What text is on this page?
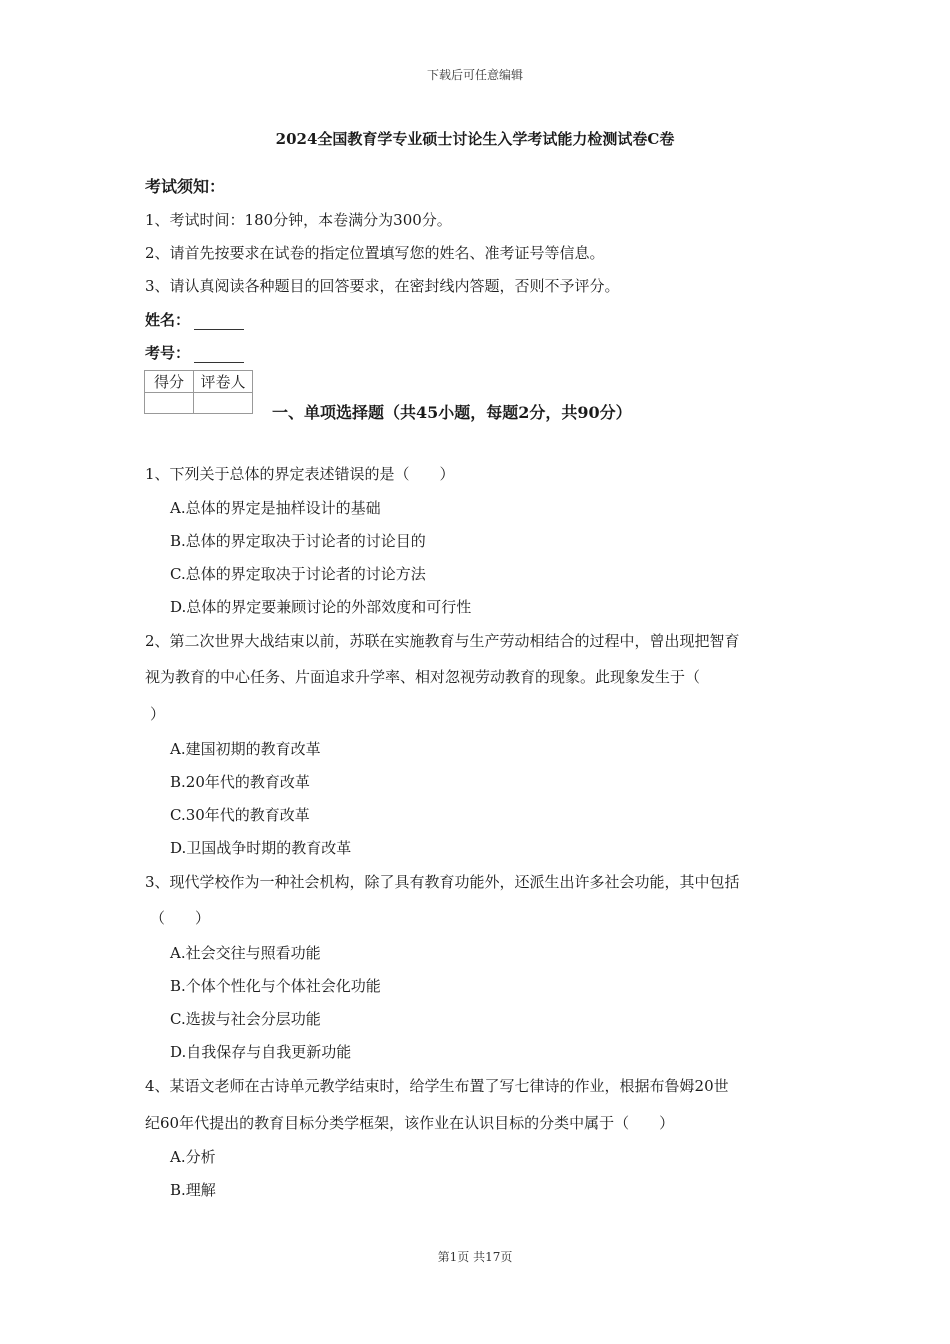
下载后可任意编辑
2024全国教育学专业硕士讨论生入学考试能力检测试卷C卷
考试须知：
1、考试时间：180分钟，本卷满分为300分。
2、请首先按要求在试卷的指定位置填写您的姓名、准考证号等信息。
3、请认真阅读各种题目的回答要求，在密封线内答题，否则不予评分。
姓名：
考号：
得分	评卷人

一、单项选择题（共45小题，每题2分，共90分）
1、下列关于总体的界定表述错误的是（　　）
A.总体的界定是抽样设计的基础
B.总体的界定取决于讨论者的讨论目的
C.总体的界定取决于讨论者的讨论方法
D.总体的界定要兼顾讨论的外部效度和可行性
2、第二次世界大战结束以前，苏联在实施教育与生产劳动相结合的过程中，曾出现把智育
视为教育的中心任务、片面追求升学率、相对忽视劳动教育的现象。此现象发生于（
）
A.建国初期的教育改革
B.20年代的教育改革
C.30年代的教育改革
D.卫国战争时期的教育改革
3、现代学校作为一种社会机构，除了具有教育功能外，还派生出许多社会功能，其中包括
（　　）
A.社会交往与照看功能
B.个体个性化与个体社会化功能
C.选拔与社会分层功能
D.自我保存与自我更新功能
4、某语文老师在古诗单元教学结束时，给学生布置了写七律诗的作业，根据布鲁姆20世
纪60年代提出的教育目标分类学框架，该作业在认识目标的分类中属于（　　）
A.分析
B.理解
第1页 共17页
